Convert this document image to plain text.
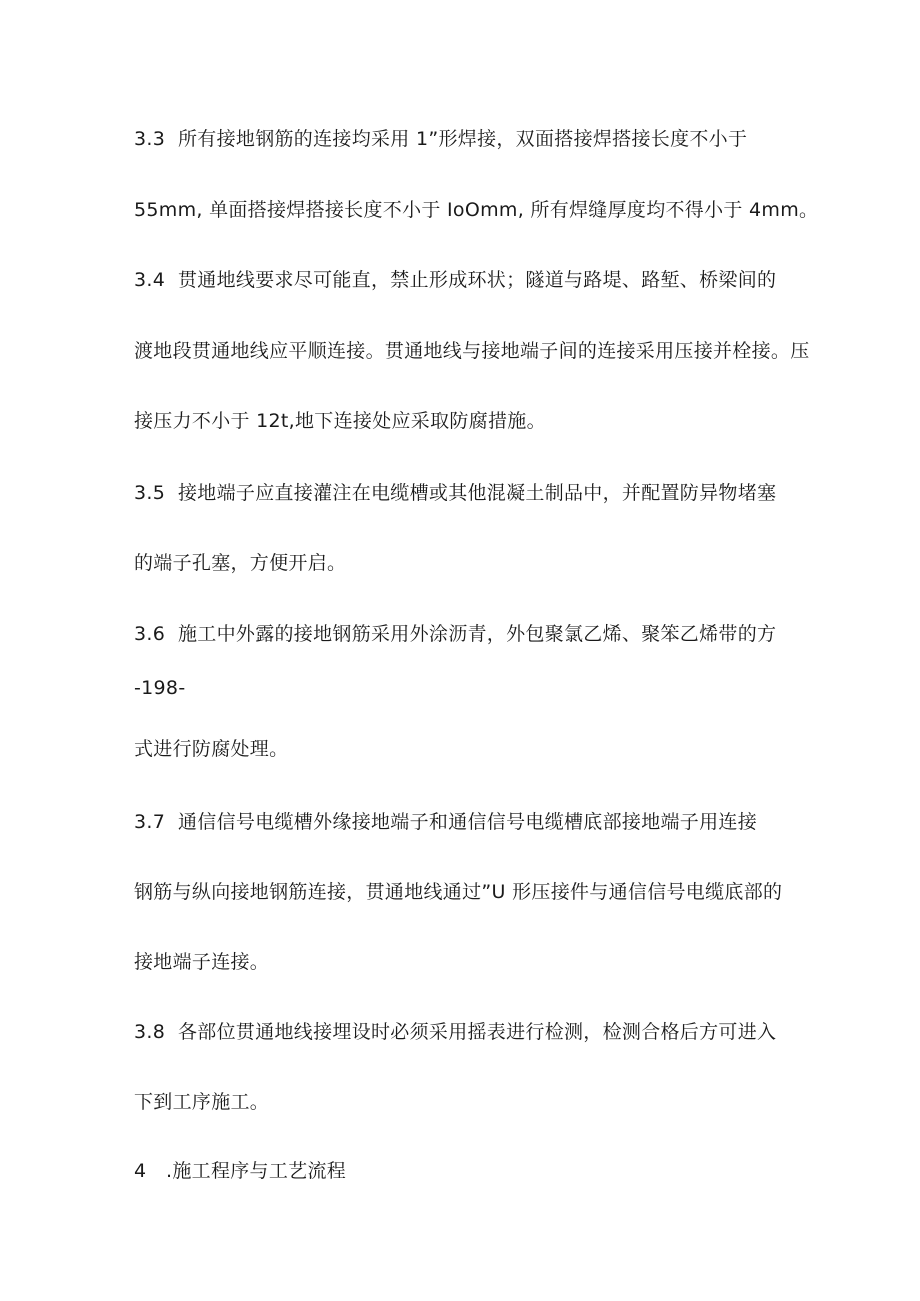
3.3 所有接地钢筋的连接均采用 1”形焊接，双面搭接焊搭接长度不小于
55mm, 单面搭接焊搭接长度不小于 IoOmm, 所有焊缝厚度均不得小于 4mm。
3.4 贯通地线要求尽可能直，禁止形成环状；隧道与路堤、路堑、桥梁间的
渡地段贯通地线应平顺连接。贯通地线与接地端子间的连接采用压接并栓接。压
接压力不小于 12t,地下连接处应采取防腐措施。
3.5 接地端子应直接灌注在电缆槽或其他混凝土制品中，并配置防异物堵塞
的端子孔塞，方便开启。
3.6 施工中外露的接地钢筋采用外涂沥青，外包聚氯乙烯、聚笨乙烯带的方
-198-
式进行防腐处理。
3.7 通信信号电缆槽外缘接地端子和通信信号电缆槽底部接地端子用连接
钢筋与纵向接地钢筋连接，贯通地线通过”U 形压接件与通信信号电缆底部的
接地端子连接。
3.8 各部位贯通地线接埋设时必须采用摇表进行检测，检测合格后方可进入
下到工序施工。
4 .施工程序与工艺流程
